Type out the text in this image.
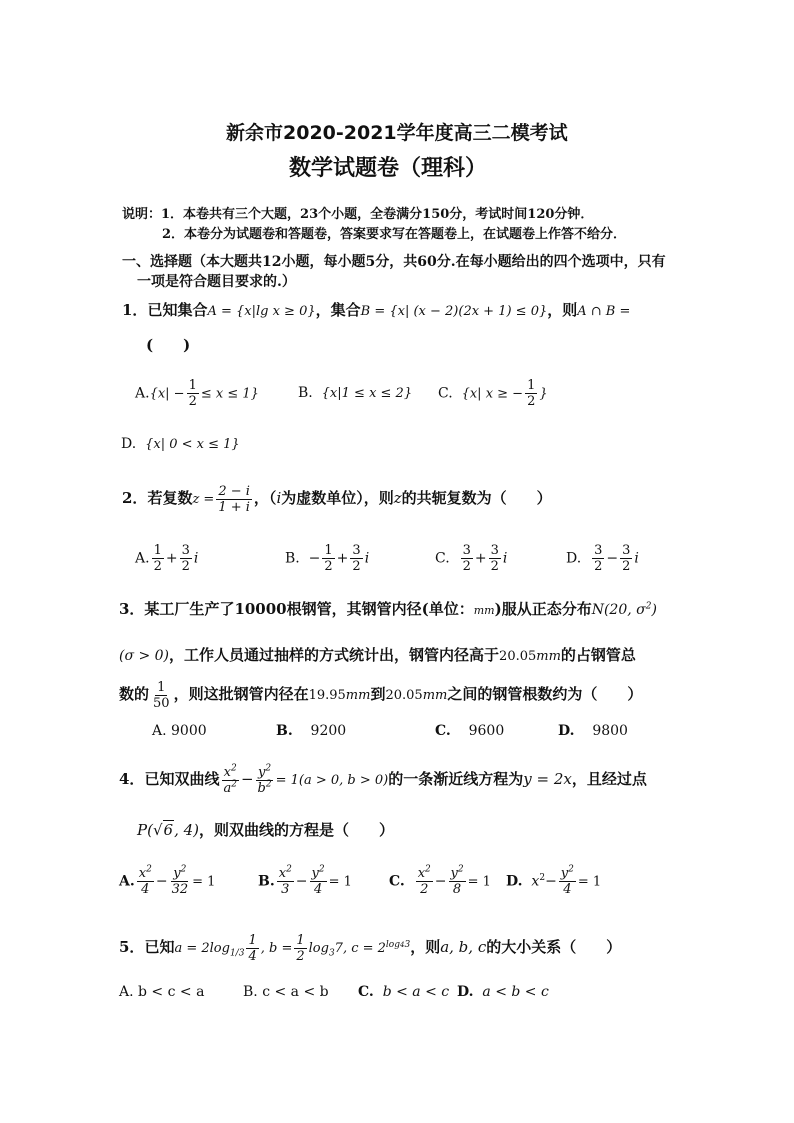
新余市2020-2021学年度高三二模考试
数学试题卷（理科）
说明：1．本卷共有三个大题，23个小题，全卷满分150分，考试时间120分钟．
2．本卷分为试题卷和答题卷，答案要求写在答题卷上，在试题卷上作答不给分．
一、选择题（本大题共12小题，每小题5分，共60分.在每小题给出的四个选项中，只有
一项是符合题目要求的.）
1．已知集合A = {x|lg x ≥ 0}，集合B = {x| (x − 2)(2x + 1) ≤ 0}，则A ∩ B =
(　　)
$A.\{x| - \frac{1}{2} \le x \le 1\}$	B. {x|1 ≤ x ≤ 2} C. {x| x ≥ − $\frac{1}{2}$ }
D. {x| 0 < x ≤ 1}
2．若复数$z = \frac{2 - i}{1 + i}$ ，（i为虚数单位），则z的共轭复数为（　　）
A. $\frac{1}{2} + \frac{3}{2}$ i	B. − $\frac{1}{2} + \frac{3}{2}$ i	C. $\frac{3}{2} + \frac{3}{2}$ i	D. $\frac{3}{2} - \frac{3}{2}$ i
3．某工厂生产了10000根钢管，其钢管内径(单位：mm)服从正态分布N(20, $\sigma^2$)
(σ > 0)，工作人员通过抽样的方式统计出，钢管内径高于20.05mm的占钢管总
数的 $\frac{1}{50}$ ，则这批钢管内径在19.95mm到20.05mm之间的钢管根数约为（　　）
A. 9000	B. 9200	C. 9600	D. 9800
4．已知双曲线 $\frac{x^2}{a^2} - \frac{y^2}{b^2} = 1(a > 0$, b > 0)的一条渐近线方程为y = 2x，且经过点
P(√6, 4)，则双曲线的方程是（　　）
A. $\frac{x^2}{4} - \frac{y^2}{32} = 1$	B. $\frac{x^2}{3} - \frac{y^2}{4} = 1$	C. $\frac{x^2}{2} - \frac{y^2}{8} = 1$ D. $x^2- \frac{y^2}{4} = 1$
5．已知$a = 2\log_{1/3} \frac{1}{4}$ , $b = \frac{1}{2} \log_37$, $c = 2^{log43}$，则a, b, c的大小关系（　　）
A. b < c < a	B. c < a < b C. b < a < c D. a < b < c
